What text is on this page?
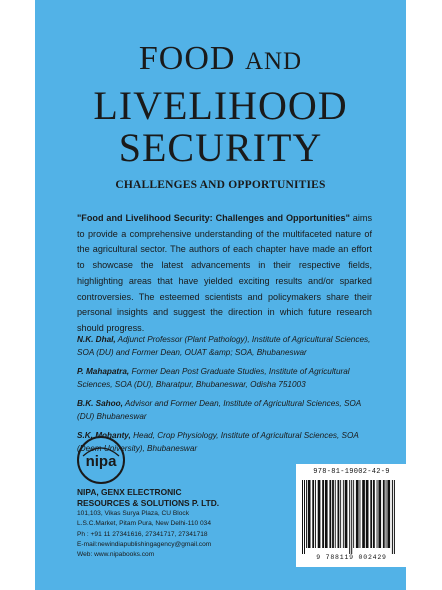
FOOD AND
LIVELIHOOD
SECURITY
CHALLENGES AND OPPORTUNITIES
"Food and Livelihood Security: Challenges and Opportunities" aims to provide a comprehensive understanding of the multifaceted nature of the agricultural sector. The authors of each chapter have made an effort to showcase the latest advancements in their respective fields, highlighting areas that have yielded exciting results and/or sparked controversies. The esteemed scientists and policymakers share their personal insights and suggest the direction in which future research should progress.
N.K. Dhal, Adjunct Professor (Plant Pathology), Institute of Agricultural Sciences, SOA (DU) and Former Dean, OUAT &amp; SOA, Bhubaneswar
P. Mahapatra, Former Dean Post Graduate Studies, Institute of Agricultural Sciences, SOA (DU), Bharatpur, Bhubaneswar, Odisha 751003
B.K. Sahoo, Advisor and Former Dean, Institute of Agricultural Sciences, SOA (DU) Bhubaneswar
S.K. Mohanty, Head, Crop Physiology, Institute of Agricultural Sciences, SOA (Deem University), Bhubaneswar
nipa
NIPA, GENX ELECTRONIC RESOURCES & SOLUTIONS P. LTD.
101,103, Vikas Surya Plaza, CU Block
L.S.C.Market, Pitam Pura, New Delhi-110 034
Ph : +91 11 27341616, 27341717, 27341718
E-mail:newindiapublishingagency@gmail.com
Web: www.nipabooks.com
978-81-19002-42-9
9 788119 002429
